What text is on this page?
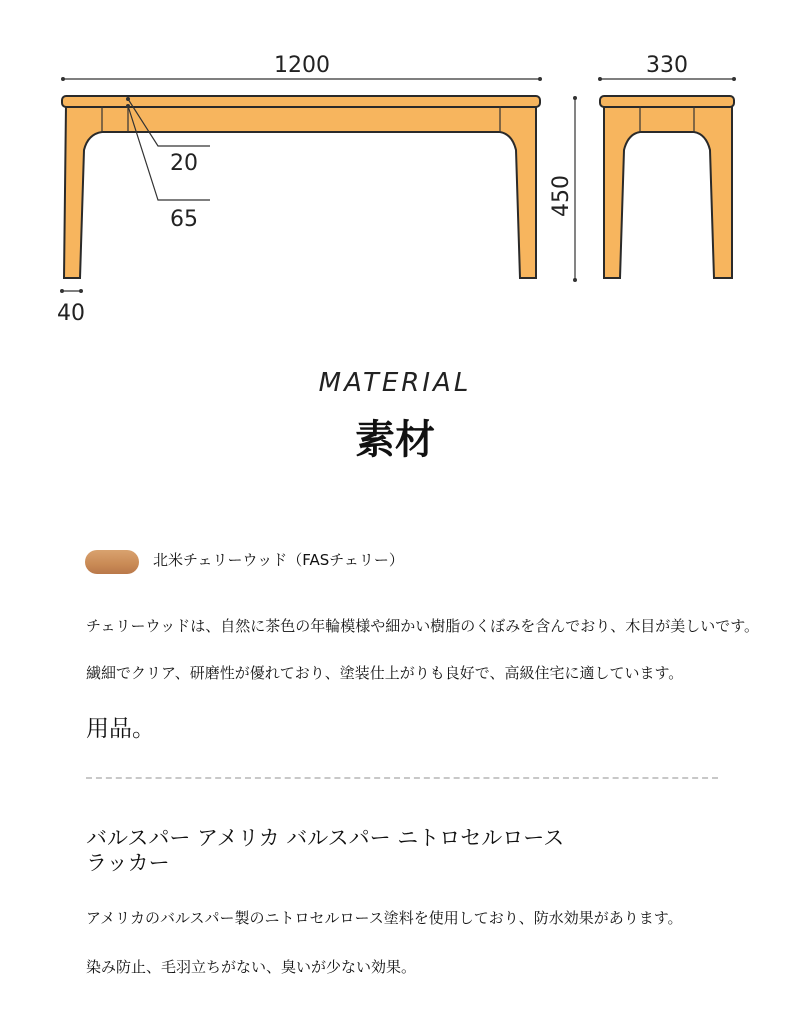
1200	330
20
65
40
450
MATERIAL
素材
北米チェリーウッド（FASチェリー）
チェリーウッドは、自然に茶色の年輪模様や細かい樹脂のくぼみを含んでおり、木目が美しいです。
繊細でクリア、研磨性が優れており、塗装仕上がりも良好で、高級住宅に適しています。
用品。
バルスパー アメリカ バルスパー ニトロセルロースラッカー
アメリカのバルスパー製のニトロセルロース塗料を使用しており、防水効果があります。
染み防止、毛羽立ちがない、臭いが少ない効果。
